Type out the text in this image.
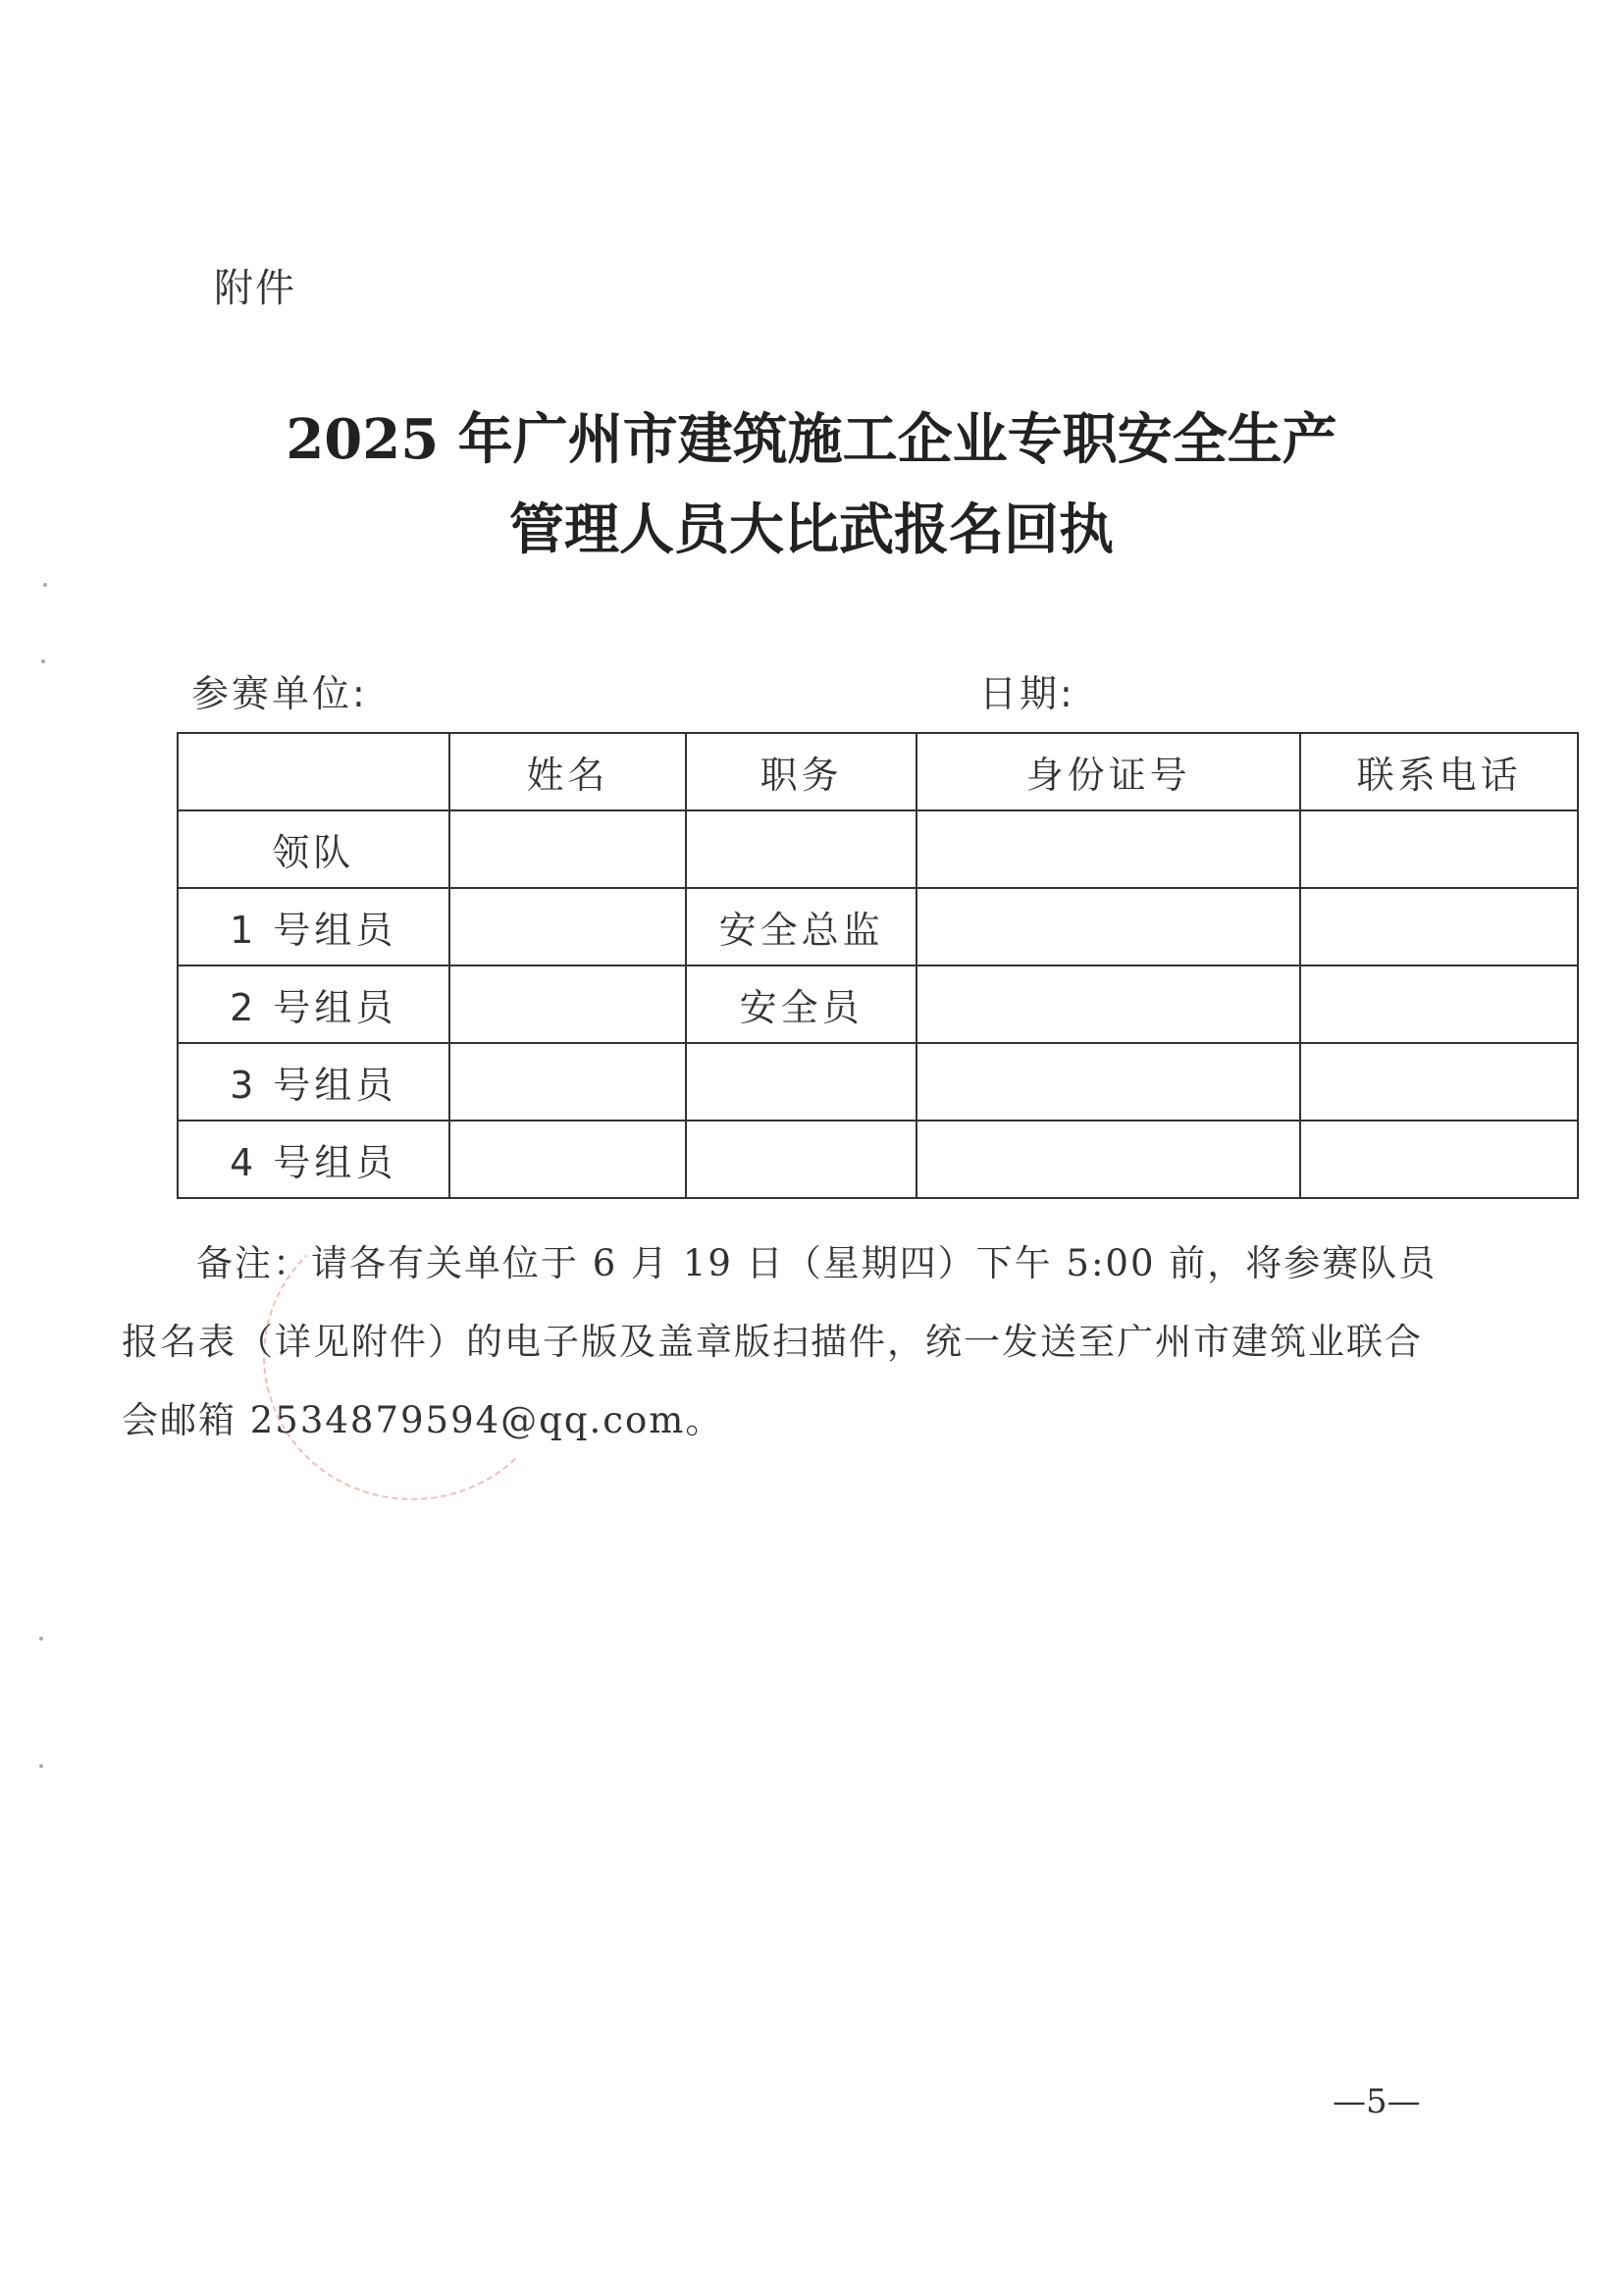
附件
2025 年广州市建筑施工企业专职安全生产
管理人员大比武报名回执
参赛单位:	日期:
	姓名	职务	身份证号	联系电话
领队				
1 号组员		安全总监		
2 号组员		安全员		
3 号组员				
4 号组员				
备注：请各有关单位于 6 月 19 日（星期四）下午 5:00 前，将参赛队员报名表（详见附件）的电子版及盖章版扫描件，统一发送至广州市建筑业联合会邮箱 2534879594@qq.com。
—5—
